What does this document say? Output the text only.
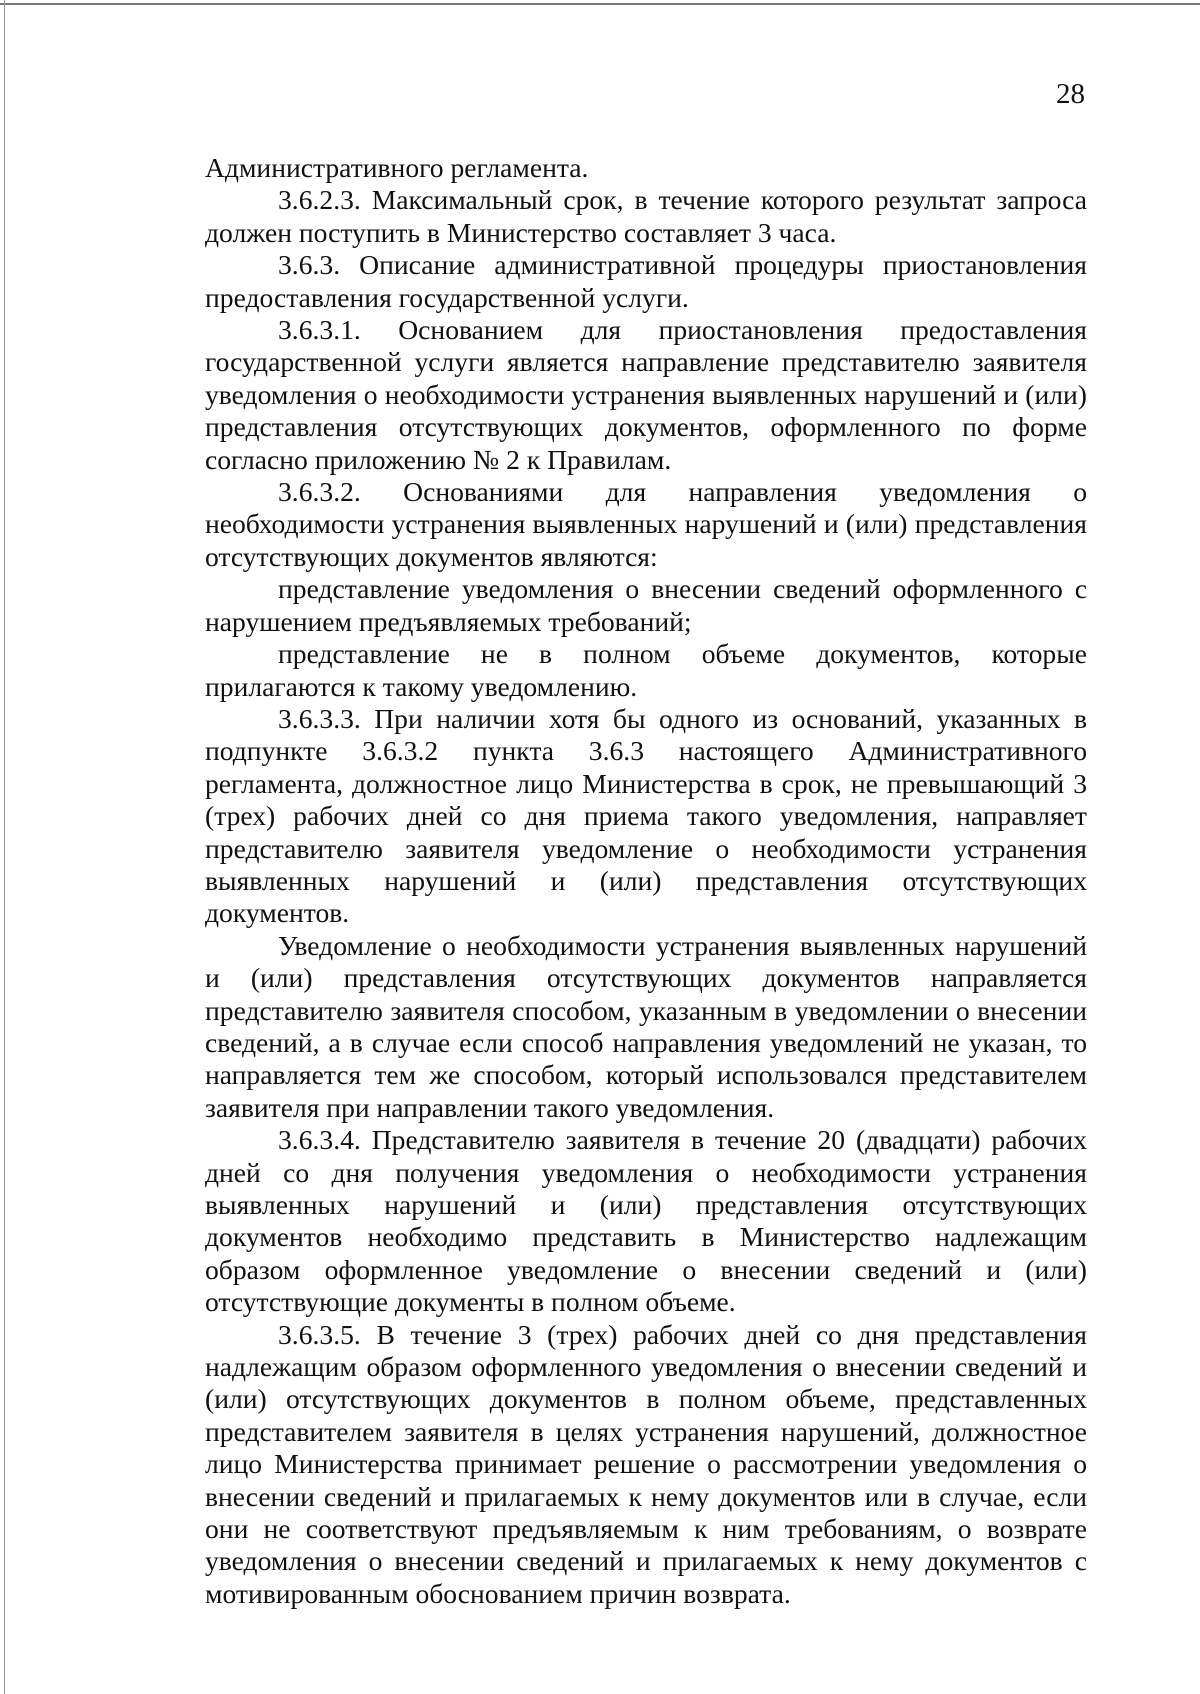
28

Административного регламента.

3.6.2.3. Максимальный срок, в течение которого результат запроса должен поступить в Министерство составляет 3 часа.

3.6.3. Описание административной процедуры приостановления предоставления государственной услуги.

3.6.3.1. Основанием для приостановления предоставления государственной услуги является направление представителю заявителя уведомления о необходимости устранения выявленных нарушений и (или) представления отсутствующих документов, оформленного по форме согласно приложению № 2 к Правилам.

3.6.3.2. Основаниями для направления уведомления о необходимости устранения выявленных нарушений и (или) представления отсутствующих документов являются:

представление уведомления о внесении сведений оформленного с нарушением предъявляемых требований;

представление не в полном объеме документов, которые прилагаются к такому уведомлению.

3.6.3.3. При наличии хотя бы одного из оснований, указанных в подпункте 3.6.3.2 пункта 3.6.3 настоящего Административного регламента, должностное лицо Министерства в срок, не превышающий 3 (трех) рабочих дней со дня приема такого уведомления, направляет представителю заявителя уведомление о необходимости устранения выявленных нарушений и (или) представления отсутствующих документов.

Уведомление о необходимости устранения выявленных нарушений и (или) представления отсутствующих документов направляется представителю заявителя способом, указанным в уведомлении о внесении сведений, а в случае если способ направления уведомлений не указан, то направляется тем же способом, который использовался представителем заявителя при направлении такого уведомления.

3.6.3.4. Представителю заявителя в течение 20 (двадцати) рабочих дней со дня получения уведомления о необходимости устранения выявленных нарушений и (или) представления отсутствующих документов необходимо представить в Министерство надлежащим образом оформленное уведомление о внесении сведений и (или) отсутствующие документы в полном объеме.

3.6.3.5. В течение 3 (трех) рабочих дней со дня представления надлежащим образом оформленного уведомления о внесении сведений и (или) отсутствующих документов в полном объеме, представленных представителем заявителя в целях устранения нарушений, должностное лицо Министерства принимает решение о рассмотрении уведомления о внесении сведений и прилагаемых к нему документов или в случае, если они не соответствуют предъявляемым к ним требованиям, о возврате уведомления о внесении сведений и прилагаемых к нему документов с мотивированным обоснованием причин возврата.
